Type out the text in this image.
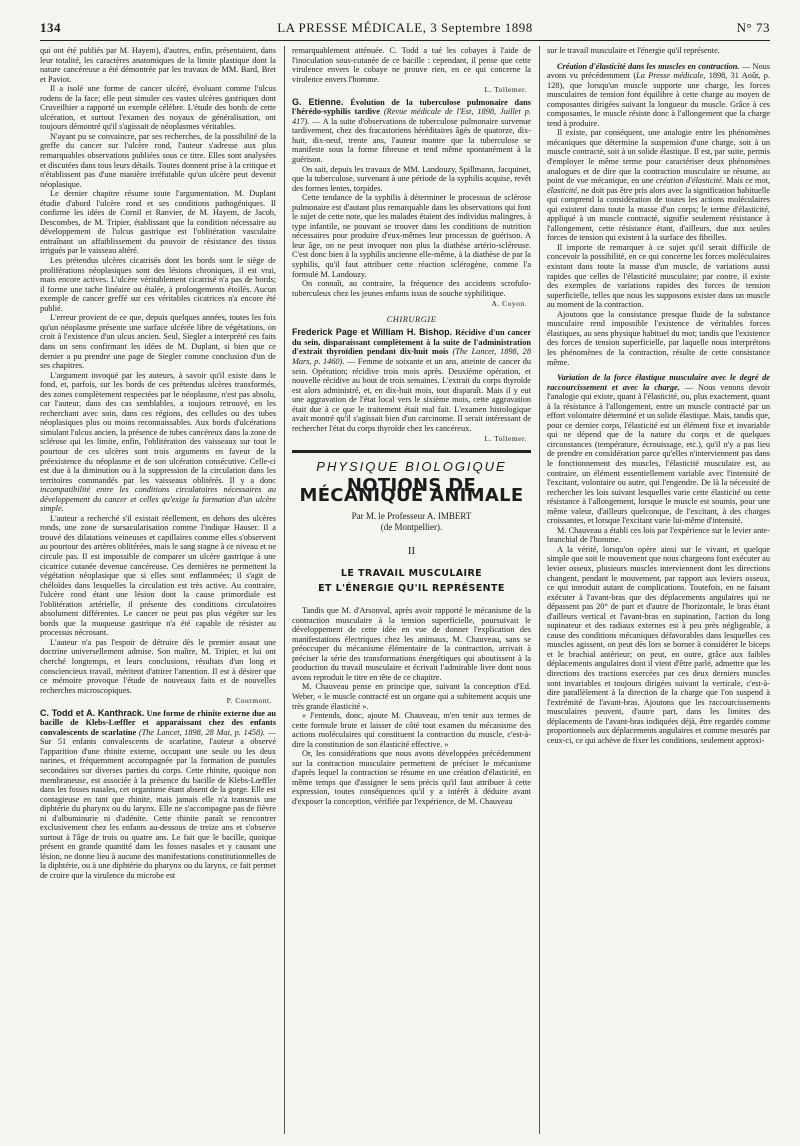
134	LA PRESSE MÉDICALE, 3 Septembre 1898	N° 73

qui ont été publiés par M. Hayem), d'autres, enfin, présentaient, dans leur totalité, les caractères anatomiques de la limite plastique dont la nature cancéreuse a été démontrée par les travaux de MM. Bard, Bret et Paviot.

Il a isolé une forme de cancer ulcéré, évoluant comme l'ulcus rodens de la face; elle peut simuler ces vastes ulcères gastriques dont Cruveilhier a rapporté un exemple célèbre. L'étude des bords de cette ulcération, et surtout l'examen des noyaux de généralisation, ont toujours démontré qu'il s'agissait de néoplasmes véritables.

N'ayant pu se convaincre, par ses recherches, de la possibilité de la greffe du cancer sur l'ulcère rond, l'auteur s'adresse aux plus remarquables observations publiées sous ce titre. Elles sont analysées et discutées dans tous leurs détails. Toutes donnent prise à la critique et n'établissent pas d'une manière irréfutable qu'un ulcère peut devenir néoplasique.

Le dernier chapitre résume toute l'argumentation. M. Duplant étudie d'abord l'ulcère rond et ses conditions pathogéniques. Il confirme les idées de Cornil et Ranvier, de M. Hayem, de Jacob, Descombes, de M. Tripier, établissant que la condition nécessaire au développement de l'ulcus gastrique est l'oblitération vasculaire entraînant un affaiblissement du pouvoir de résistance des tissus irrigués par le vaisseau altéré.

Les prétendus ulcères cicatrisés dont les bords sont le siège de proliférations néoplasiques sont des lésions chroniques, il est vrai, mais encore actives. L'ulcère véritablement cicatrisé n'a pas de bords; il forme une tache linéaire ou étalée, à prolongements étoilés. Aucun exemple de cancer greffé sur ces véritables cicatrices n'a encore été publié.

L'erreur provient de ce que, depuis quelques années, toutes les fois qu'un néoplasme présente une surface ulcérée libre de végétations, on croit à l'existence d'un ulcus ancien. Seul, Siegler a interprété ces faits dans un sens confirmant les idées de M. Duplant, si bien que ce dernier a pu prendre une page de Siegler comme conclusion d'un de ses chapitres.

L'argument invoqué par les auteurs, à savoir qu'il existe dans le fond, et, parfois, sur les bords de ces prétendus ulcères transformés, des zones complètement respectées par le néoplasme, n'est pas absolu, car l'auteur, dans des cas semblables, a toujours retrouvé, en les recherchant avec soin, dans ces régions, des cellules ou des tubes néoplasiques plus ou moins reconnaissables. Aux bords d'ulcérations simulant l'ulcus ancien, la présence de tubes cancéreux dans la zone de sclérose qui les limite, enfin, l'oblitération des vaisseaux sur tout le pourtour de ces ulcères sont trois arguments en faveur de la préexistence du néoplasme et de son ulcération consécutive. Celle-ci est due à la diminution ou à la suppression de la circulation dans les territoires commandés par les vaisseaux oblitérés. Il y a donc incompatibilité entre les conditions circulatoires nécessaires au développement du cancer et celles qu'exige la formation d'un ulcère simple.

L'auteur a recherché s'il existait réellement, en dehors des ulcères ronds, une zone de sursacularisation comme l'indique Hauser. Il a trouvé des dilatations veineuses et capillaires comme elles s'observent au pourtour des artères oblitérées, mais le sang stagne à ce niveau et ne circule pas. Il est impossible de comparer un ulcère gastrique à une cicatrice cutanée devenue cancéreuse. Ces dernières ne permettent la végétation néoplasique que si elles sont enflammées; il s'agit de chéloïdes dans lesquelles la circulation est très active. Au contraire, l'ulcère rond étant une lésion dont la cause primordiale est l'oblitération artérielle, il présente des conditions circulatoires absolument différentes. Le cancer ne peut pas plus végéter sur les bords que la muqueuse gastrique n'a été capable de résister au processus nécrosant.

L'auteur n'a pas l'espoir de détruire dès le premier assaut une doctrine universellement admise. Son maître, M. Tripier, et lui ont cherché longtemps, et leurs conclusions, résultats d'un long et consciencieux travail, méritent d'attirer l'attention. Il est à désirer que ce mémoire provoque l'étude de nouveaux faits et de nouvelles recherches microscopiques.

P. Courmont.

C. Todd et A. Kanthrack. Une forme de rhinite externe due au bacille de Klebs-Lœffler et apparaissant chez des enfants convalescents de scarlatine (The Lancet, 1898, 28 Mai, p. 1458). — Sur 51 enfants convalescents de scarlatine, l'auteur a observé l'apparition d'une rhinite externe, occupant une seule ou les deux narines, et fréquemment accompagnée par la formation de pustules secondaires sur diverses parties du corps. Cette rhinite, quoique non membraneuse, est associée à la présence du bacille de Klebs-Lœffler dans les fosses nasales, cet organisme étant absent de la gorge. Elle est contagieuse en tant que rhinite, mais jamais elle n'a transmis une diphtérie du pharynx ou du larynx. Elle ne s'accompagne pas de fièvre ni d'albuminurie ni d'adénite. Cette rhinite paraît se rencontrer exclusivement chez les enfants au-dessous de treize ans et s'observe surtout à l'âge de trois ou quatre ans. Le fait que le bacille, quoique présent en grande quantité dans les fosses nasales et y causant une lésion, ne donne lieu à aucune des manifestations constitutionnelles de la diphtérie, ou à une diphtérie du pharynx ou du larynx, ce fait permet de croire que la virulence du microbe est

remarquablement atténuée. C. Todd a tué les cobayes à l'aide de l'inoculation sous-cutanée de ce bacille : cependant, il pense que cette virulence envers le cobaye ne prouve rien, en ce qui concerne la virulence envers l'homme.

L. Tollemer.

G. Etienne. Évolution de la tuberculose pulmonaire dans l'hérédo-syphilis tardive (Revue médicale de l'Est, 1898, Juillet p. 417). — A la suite d'observations de tuberculose pulmonaire survenue tardivement, chez des fracastoriens héréditaires âgés de quatorze, dix-huit, dix-neuf, trente ans, l'auteur montre que la tuberculose se manifeste sous la forme fibreuse et tend même spontanément à la guérison.

On sait, depuis les travaux de MM. Landouzy, Spillmann, Jacquinet, que la tuberculose, survenant à une période de la syphilis acquise, revêt des formes lentes, torpides.

Cette tendance de la syphilis à déterminer le processus de sclérose pulmonaire est d'autant plus remarquable dans les observations qui font le sujet de cette note, que les malades étaient des individus malingres, à type infantile, ne pouvant se trouver dans les conditions de nutrition nécessaires pour produire d'eux-mêmes leur processus de guérison. A leur âge, on ne peut invoquer non plus la diathèse artério-scléreuse. C'est donc bien à la syphilis ancienne elle-même, à la diathèse de par la syphilis, qu'il faut attribuer cette réaction sclérogène, comme l'a formulé M. Landouzy.

On connaît, au contraire, la fréquence des accidents scrofulo-tuberculeux chez les jeunes enfants issus de souche syphilitique.

A. Coyon.
CHIRURGIE

Frederick Page et William H. Bishop. Récidive d'un cancer du sein, disparaissant complètement à la suite de l'administration d'extrait thyroïdien pendant dix-huit mois (The Lancet, 1898, 28 Mars, p. 1460). — Femme de soixante et un ans, atteinte de cancer du sein. Opération; récidive trois mois après. Deuxième opération, et nouvelle récidive au bout de trois semaines. L'extrait du corps thyroïde est alors administré, et, en dix-huit mois, tout disparaît. Mais il y eut une aggravation de l'état local vers le sixième mois, cette aggravation était due à ce que le traitement était mal fait. L'examen histologique avait montré qu'il s'agissait bien d'un carcinome. Il serait intéressant de rechercher l'état du corps thyroïde chez les cancéreux.

L. Tollemer.
PHYSIQUE BIOLOGIQUE
NOTIONS DE MÉCANIQUE ANIMALE
Par M. le Professeur A. IMBERT
(de Montpellier).
II
LE TRAVAIL MUSCULAIRE
ET L'ÉNERGIE QU'IL REPRÉSENTE

Tandis que M. d'Arsonval, après avoir rapporté le mécanisme de la contraction musculaire à la tension superficielle, poursuivait le développement de cette idée en vue de donner l'explication des manifestations électriques chez les animaux, M. Chauveau, sans se préoccuper du mécanisme élémentaire de la contraction, arrivait à préciser la série des transformations énergétiques qui aboutissent à la production du travail musculaire et écrivait l'admirable livre dont nous avons reproduit le titre en tête de ce chapitre.

M. Chauveau pense en principe que, suivant la conception d'Ed. Weber, « le muscle contracté est un organe qui a subitement acquis une très grande élasticité ».

« J'entends, donc, ajoute M. Chauveau, m'en tenir aux termes de cette formule brute et laisser de côté tout examen du mécanisme des actions moléculaires qui constituent la contraction du muscle, c'est-à-dire la constitution de son élasticité effective. »

Or, les considérations que nous avons développées précédemment sur la contraction musculaire permettent de préciser le mécanisme d'après lequel la contraction se résume en une création d'élasticité, en même temps que d'assigner le sens précis qu'il faut attribuer à cette expression, toutes conséquences qu'il y a intérêt à déduire avant d'exposer la conception, vérifiée par l'expérience, de M. Chauveau

sur le travail musculaire et l'énergie qu'il représente.

Création d'élasticité dans les muscles en contraction. — Nous avons vu précédemment (La Presse médicale, 1898, 31 Août, p. 128), que lorsqu'un muscle supporte une charge, les forces musculaires de tension font équilibre à cette charge au moyen de composantes dirigées suivant la longueur du muscle. Grâce à ces composantes, le muscle résiste donc à l'allongement que la charge tend à produire.

Il existe, par conséquent, une analogie entre les phénomènes mécaniques que détermine la suspension d'une charge, soit à un muscle contracté, soit à un solide élastique. Il est, par suite, permis d'employer le même terme pour caractériser deux phénomènes analogues et de dire que la contraction musculaire se résume, au point de vue mécanique, en une création d'élasticité. Mais ce mot, élasticité, ne doit pas être pris alors avec la signification habituelle qui comprend la considération de toutes les actions moléculaires qui existent dans toute la masse d'un corps; le terme d'élasticité, appliqué à un muscle contracté, signifie seulement résistance à l'allongement, cette résistance étant, d'ailleurs, due aux seules forces de tension qui existent à la surface des fibrilles.

Il importe de remarquer à ce sujet qu'il serait difficile de concevoir la possibilité, en ce qui concerne les forces moléculaires existant dans toute la masse d'un muscle, de variations aussi rapides que celles de l'élasticité musculaire; par contre, il existe des exemples de variations rapides des forces de tension superficielle, telles que nous les supposons exister dans un muscle au moment de la contraction.

Ajoutons que la consistance presque fluide de la substance musculaire rend impossible l'existence de véritables forces élastiques, au sens physique habituel du mot; tandis que l'existence des forces de tension superficielle, par laquelle nous interprétons les phénomènes de la contraction, résulte de cette consistance même.

Variation de la force élastique musculaire avec le degré de raccourcissement et avec la charge. — Nous venons devoir l'analogie qui existe, quant à l'élasticité, ou, plus exactement, quant à la résistance à l'allongement, entre un muscle contracté par un effort volontaire déterminé et un solide élastique. Mais, tandis que, pour ce dernier corps, l'élasticité est un élément fixe et invariable qui ne dépend que de la nature du corps et de quelques circonstances (température, écrouissage, etc.), qu'il n'y a pas lieu de prendre en considération parce qu'elles n'interviennent pas dans le fonctionnement des muscles, l'élasticité musculaire est, au contraire, un élément essentiellement variable avec l'intensité de l'excitant, volontaire ou autre, qui l'engendre. De là la nécessité de rechercher les lois suivant lesquelles varie cette élasticité ou cette résistance à l'allongement, lorsque le muscle est soumis, pour une même valeur, d'ailleurs quelconque, de l'excitant, à des charges croissantes, et lorsque l'excitant varie lui-même d'intensité.

M. Chauveau a établi ces lois par l'expérience sur le levier ante-branchial de l'homme.

A la vérité, lorsqu'on opère ainsi sur le vivant, et quelque simple que soit le mouvement que nous chargeons font exécuter au levier osseux, plusieurs muscles interviennent dont les directions changent, pendant le mouvement, par rapport aux leviers osseux, ce qui introduit autant de complications. Toutefois, en ne faisant exécuter à l'avant-bras que des déplacements angulaires qui ne dépassent pas 20° de part et d'autre de l'horizontale, le bras étant d'ailleurs vertical et l'avant-bras en supination, l'action du long supinateur et des radiaux externes est à peu près négligeable, à cause des conditions mécaniques défavorables dans lesquelles ces muscles agissent, on peut dès lors se borner à considérer le biceps et le brachial antérieur; on peut, en outre, grâce aux faibles déplacements angulaires dont il vient d'être parlé, admettre que les directions des tractions exercées par ces deux derniers muscles sont invariables et toujours dirigées suivant la verticale, c'est-à-dire parallèlement à la direction de la charge que l'on suspend à l'extrémité de l'avant-bras. Ajoutons que les raccourcissements musculaires peuvent, d'autre part, dans les limites des déplacements de l'avant-bras indiquées déjà, être regardés comme proportionnels aux déplacements angulaires et comme mesurés par ceux-ci, ce qui achève de fixer les conditions, seulement approxi-
